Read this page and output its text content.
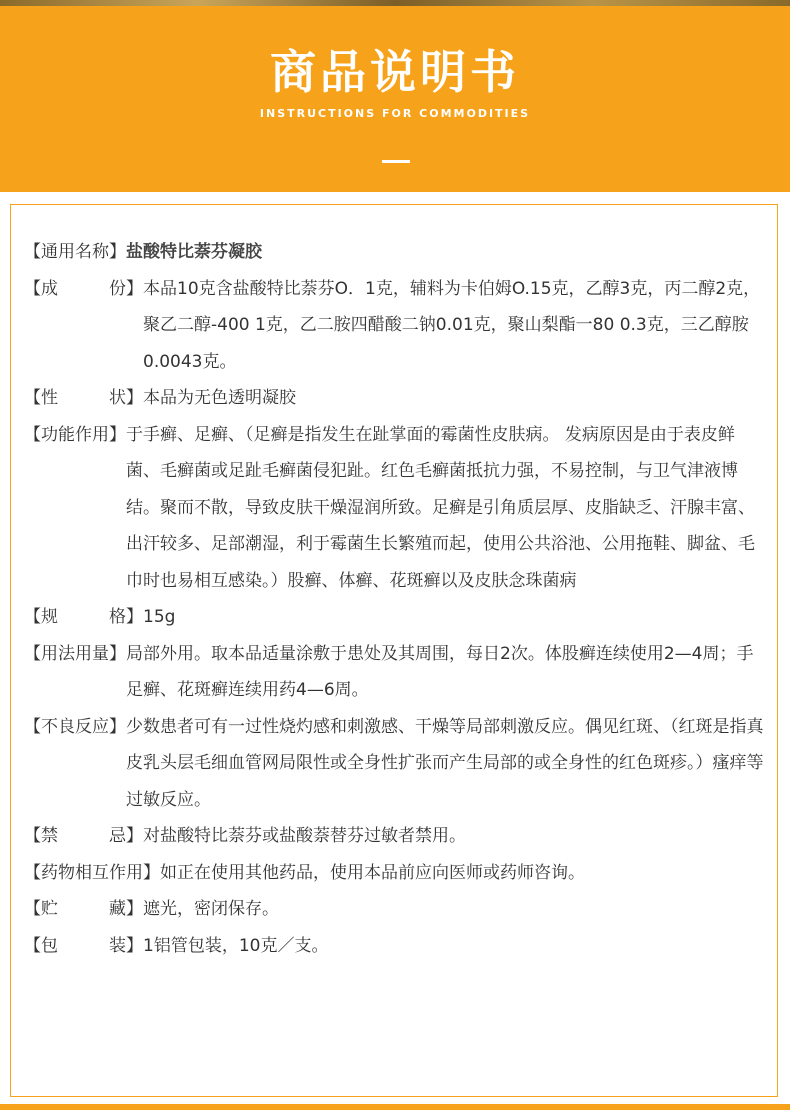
商品说明书
INSTRUCTIONS FOR COMMODITIES
【 通用名称 】 盐酸特比萘芬凝胶
【 成	份 】 本品10克含盐酸特比萘芬O．1克，辅料为卡伯姆O.15克，乙醇3克，丙二醇2克，聚乙二醇-400 1克，乙二胺四醋酸二钠0.01克，聚山梨酯一80 0.3克，三乙醇胺0.0043克。
【 性	状 】 本品为无色透明凝胶
【 功能作用 】 于手癣、足癣、（足癣是指发生在趾掌面的霉菌性皮肤病。 发病原因是由于表皮鲜菌、毛癣菌或足趾毛癣菌侵犯趾。红色毛癣菌抵抗力强，不易控制，与卫气津液博结。聚而不散，导致皮肤干燥湿润所致。足癣是引角质层厚、皮脂缺乏、汗腺丰富、出汗较多、足部潮湿，利于霉菌生长繁殖而起，使用公共浴池、公用拖鞋、脚盆、毛巾时也易相互感染。）股癣、体癣、花斑癣以及皮肤念珠菌病
【 规	格 】 15g
【 用法用量 】 局部外用。取本品适量涂敷于患处及其周围，每日2次。体股癣连续使用2—4周；手足癣、花斑癣连续用药4—6周。
【 不良反应 】 少数患者可有一过性烧灼感和刺激感、干燥等局部刺激反应。偶见红斑、（红斑是指真皮乳头层毛细血管网局限性或全身性扩张而产生局部的或全身性的红色斑疹。）瘙痒等过敏反应。
【 禁	忌 】 对盐酸特比萘芬或盐酸萘替芬过敏者禁用。
【 药物相互作用 】 如正在使用其他药品，使用本品前应向医师或药师咨询。
【 贮	藏 】 遮光，密闭保存。
【 包	装 】 1铝管包装，10克／支。
